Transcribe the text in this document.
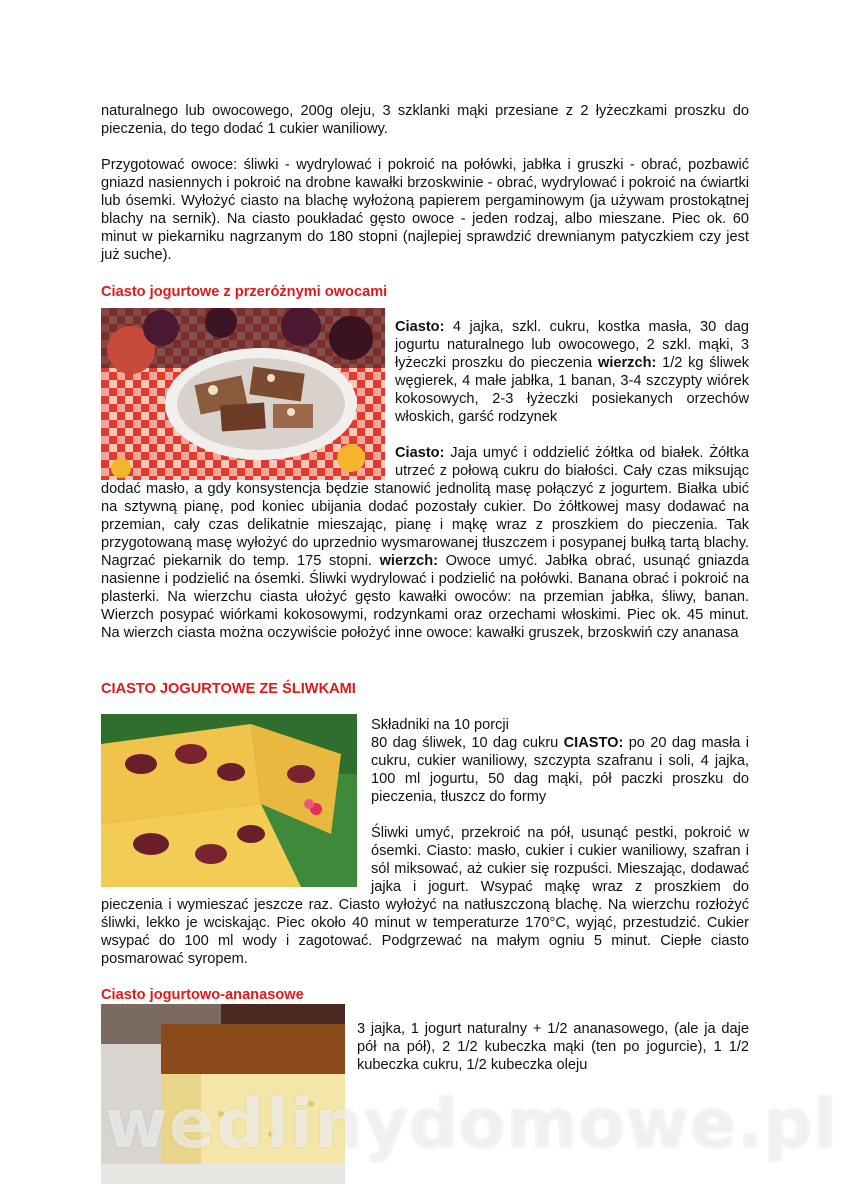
naturalnego lub owocowego, 200g oleju, 3 szklanki mąki przesiane z 2 łyżeczkami proszku do pieczenia, do tego dodać 1 cukier waniliowy.

Przygotować owoce: śliwki - wydrylować i pokroić na połówki, jabłka i gruszki - obrać, pozbawić gniazd nasiennych i pokroić na drobne kawałki brzoskwinie - obrać, wydrylować i pokroić na ćwiartki lub ósemki. Wyłożyć ciasto na blachę wyłożoną papierem pergaminowym (ja używam prostokątnej blachy na sernik). Na ciasto poukładać gęsto owoce - jeden rodzaj, albo mieszane. Piec ok. 60 minut w piekarniku nagrzanym do 180 stopni (najlepiej sprawdzić drewnianym patyczkiem czy jest już suche).

Ciasto jogurtowe z przeróżnymi owocami

Ciasto: 4 jajka, szkl. cukru, kostka masła, 30 dag jogurtu naturalnego lub owocowego, 2 szkl. mąki, 3 łyżeczki proszku do pieczenia wierzch: 1/2 kg śliwek węgierek, 4 małe jabłka, 1 banan, 3-4 szczypty wiórek kokosowych, 2-3 łyżeczki posiekanych orzechów włoskich, garść rodzynek

Ciasto: Jaja umyć i oddzielić żółtka od białek. Żółtka utrzeć z połową cukru do białości. Cały czas miksując dodać masło, a gdy konsystencja będzie stanowić jednolitą masę połączyć z jogurtem. Białka ubić na sztywną pianę, pod koniec ubijania dodać pozostały cukier. Do żółtkowej masy dodawać na przemian, cały czas delikatnie mieszając, pianę i mąkę wraz z proszkiem do pieczenia. Tak przygotowaną masę wyłożyć do uprzednio wysmarowanej tłuszczem i posypanej bułką tartą blachy. Nagrzać piekarnik do temp. 175 stopni. wierzch: Owoce umyć. Jabłka obrać, usunąć gniazda nasienne i podzielić na ósemki. Śliwki wydrylować i podzielić na połówki. Banana obrać i pokroić na plasterki. Na wierzchu ciasta ułożyć gęsto kawałki owoców: na przemian jabłka, śliwy, banan. Wierzch posypać wiórkami kokosowymi, rodzynkami oraz orzechami włoskimi. Piec ok. 45 minut. Na wierzch ciasta można oczywiście położyć inne owoce: kawałki gruszek, brzoskwiń czy ananasa

CIASTO JOGURTOWE ZE ŚLIWKAMI

Składniki na 10 porcji

80 dag śliwek, 10 dag cukru CIASTO: po 20 dag masła i cukru, cukier waniliowy, szczypta szafranu i soli, 4 jajka, 100 ml jogurtu, 50 dag mąki, pół paczki proszku do pieczenia, tłuszcz do formy

Śliwki umyć, przekroić na pół, usunąć pestki, pokroić w ósemki. Ciasto: masło, cukier i cukier waniliowy, szafran i sól miksować, aż cukier się rozpuści. Mieszając, dodawać jajka i jogurt. Wsypać mąkę wraz z proszkiem do pieczenia i wymieszać jeszcze raz. Ciasto wyłożyć na natłuszczoną blachę. Na wierzchu rozłożyć śliwki, lekko je wciskając. Piec około 40 minut w temperaturze 170°C, wyjąć, przestudzić. Cukier wsypać do 100 ml wody i zagotować. Podgrzewać na małym ogniu 5 minut. Ciepłe ciasto posmarować syropem.

Ciasto jogurtowo-ananasowe

3 jajka, 1 jogurt naturalny + 1/2 ananasowego, (ale ja daje pół na pół), 2 1/2 kubeczka mąki (ten po jogurcie), 1 1/2 kubeczka cukru, 1/2 kubeczka oleju

wedlinydomowe.pl
